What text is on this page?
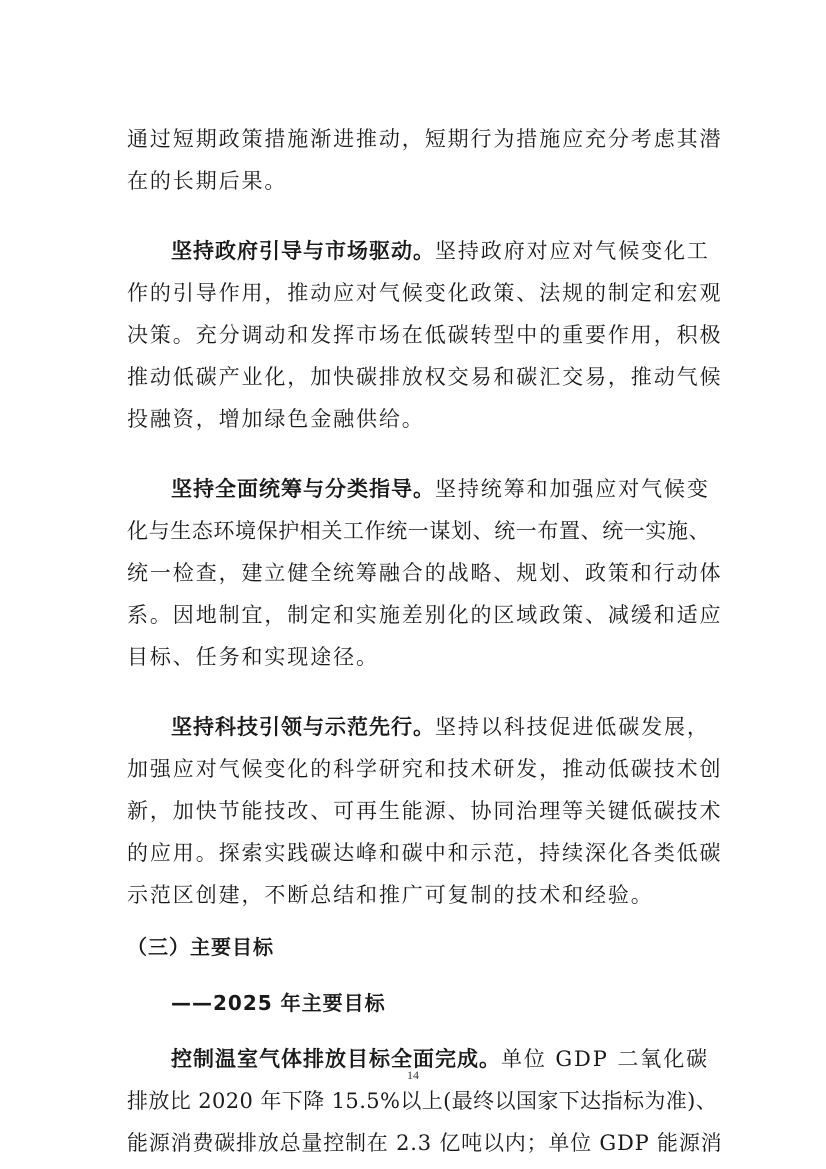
通过短期政策措施渐进推动，短期行为措施应充分考虑其潜
在的长期后果。
坚持政府引导与市场驱动。坚持政府对应对气候变化工
作的引导作用，推动应对气候变化政策、法规的制定和宏观
决策。充分调动和发挥市场在低碳转型中的重要作用，积极
推动低碳产业化，加快碳排放权交易和碳汇交易，推动气候
投融资，增加绿色金融供给。
坚持全面统筹与分类指导。坚持统筹和加强应对气候变
化与生态环境保护相关工作统一谋划、统一布置、统一实施、
统一检查，建立健全统筹融合的战略、规划、政策和行动体
系。因地制宜，制定和实施差别化的区域政策、减缓和适应
目标、任务和实现途径。
坚持科技引领与示范先行。坚持以科技促进低碳发展，
加强应对气候变化的科学研究和技术研发，推动低碳技术创
新，加快节能技改、可再生能源、协同治理等关键低碳技术
的应用。探索实践碳达峰和碳中和示范，持续深化各类低碳
示范区创建，不断总结和推广可复制的技术和经验。
（三）主要目标
——2025 年主要目标
控制温室气体排放目标全面完成。单位 GDP 二氧化碳
排放比 2020 年下降 15.5%以上(最终以国家下达指标为准)、
能源消费碳排放总量控制在 2.3 亿吨以内；单位 GDP 能源消
14
